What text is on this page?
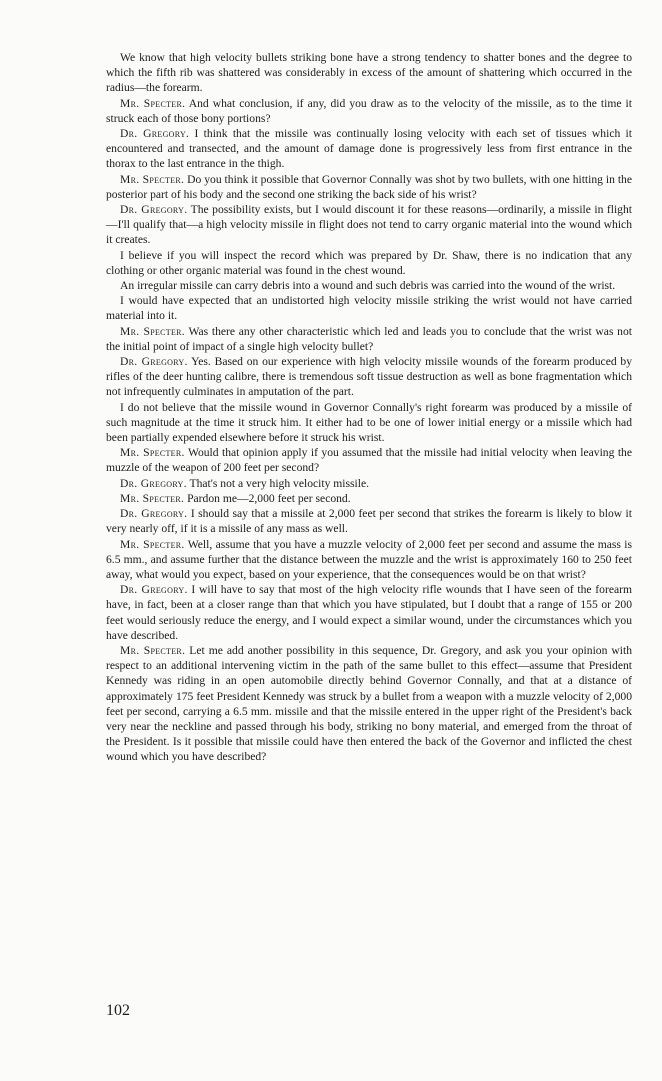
We know that high velocity bullets striking bone have a strong tendency to shatter bones and the degree to which the fifth rib was shattered was considerably in excess of the amount of shattering which occurred in the radius—the forearm.

Mr. Specter. And what conclusion, if any, did you draw as to the velocity of the missile, as to the time it struck each of those bony portions?

Dr. Gregory. I think that the missile was continually losing velocity with each set of tissues which it encountered and transected, and the amount of damage done is progressively less from first entrance in the thorax to the last entrance in the thigh.

Mr. Specter. Do you think it possible that Governor Connally was shot by two bullets, with one hitting in the posterior part of his body and the second one striking the back side of his wrist?

Dr. Gregory. The possibility exists, but I would discount it for these reasons—ordinarily, a missile in flight—I'll qualify that—a high velocity missile in flight does not tend to carry organic material into the wound which it creates.

I believe if you will inspect the record which was prepared by Dr. Shaw, there is no indication that any clothing or other organic material was found in the chest wound.

An irregular missile can carry debris into a wound and such debris was carried into the wound of the wrist.

I would have expected that an undistorted high velocity missile striking the wrist would not have carried material into it.

Mr. Specter. Was there any other characteristic which led and leads you to conclude that the wrist was not the initial point of impact of a single high velocity bullet?

Dr. Gregory. Yes. Based on our experience with high velocity missile wounds of the forearm produced by rifles of the deer hunting calibre, there is tremendous soft tissue destruction as well as bone fragmentation which not infrequently culminates in amputation of the part.

I do not believe that the missile wound in Governor Connally's right forearm was produced by a missile of such magnitude at the time it struck him. It either had to be one of lower initial energy or a missile which had been partially expended elsewhere before it struck his wrist.

Mr. Specter. Would that opinion apply if you assumed that the missile had initial velocity when leaving the muzzle of the weapon of 200 feet per second?

Dr. Gregory. That's not a very high velocity missile.

Mr. Specter. Pardon me—2,000 feet per second.

Dr. Gregory. I should say that a missile at 2,000 feet per second that strikes the forearm is likely to blow it very nearly off, if it is a missile of any mass as well.

Mr. Specter. Well, assume that you have a muzzle velocity of 2,000 feet per second and assume the mass is 6.5 mm., and assume further that the distance between the muzzle and the wrist is approximately 160 to 250 feet away, what would you expect, based on your experience, that the consequences would be on that wrist?

Dr. Gregory. I will have to say that most of the high velocity rifle wounds that I have seen of the forearm have, in fact, been at a closer range than that which you have stipulated, but I doubt that a range of 155 or 200 feet would seriously reduce the energy, and I would expect a similar wound, under the circumstances which you have described.

Mr. Specter. Let me add another possibility in this sequence, Dr. Gregory, and ask you your opinion with respect to an additional intervening victim in the path of the same bullet to this effect—assume that President Kennedy was riding in an open automobile directly behind Governor Connally, and that at a distance of approximately 175 feet President Kennedy was struck by a bullet from a weapon with a muzzle velocity of 2,000 feet per second, carrying a 6.5 mm. missile and that the missile entered in the upper right of the President's back very near the neckline and passed through his body, striking no bony material, and emerged from the throat of the President. Is it possible that missile could have then entered the back of the Governor and inflicted the chest wound which you have described?

102
